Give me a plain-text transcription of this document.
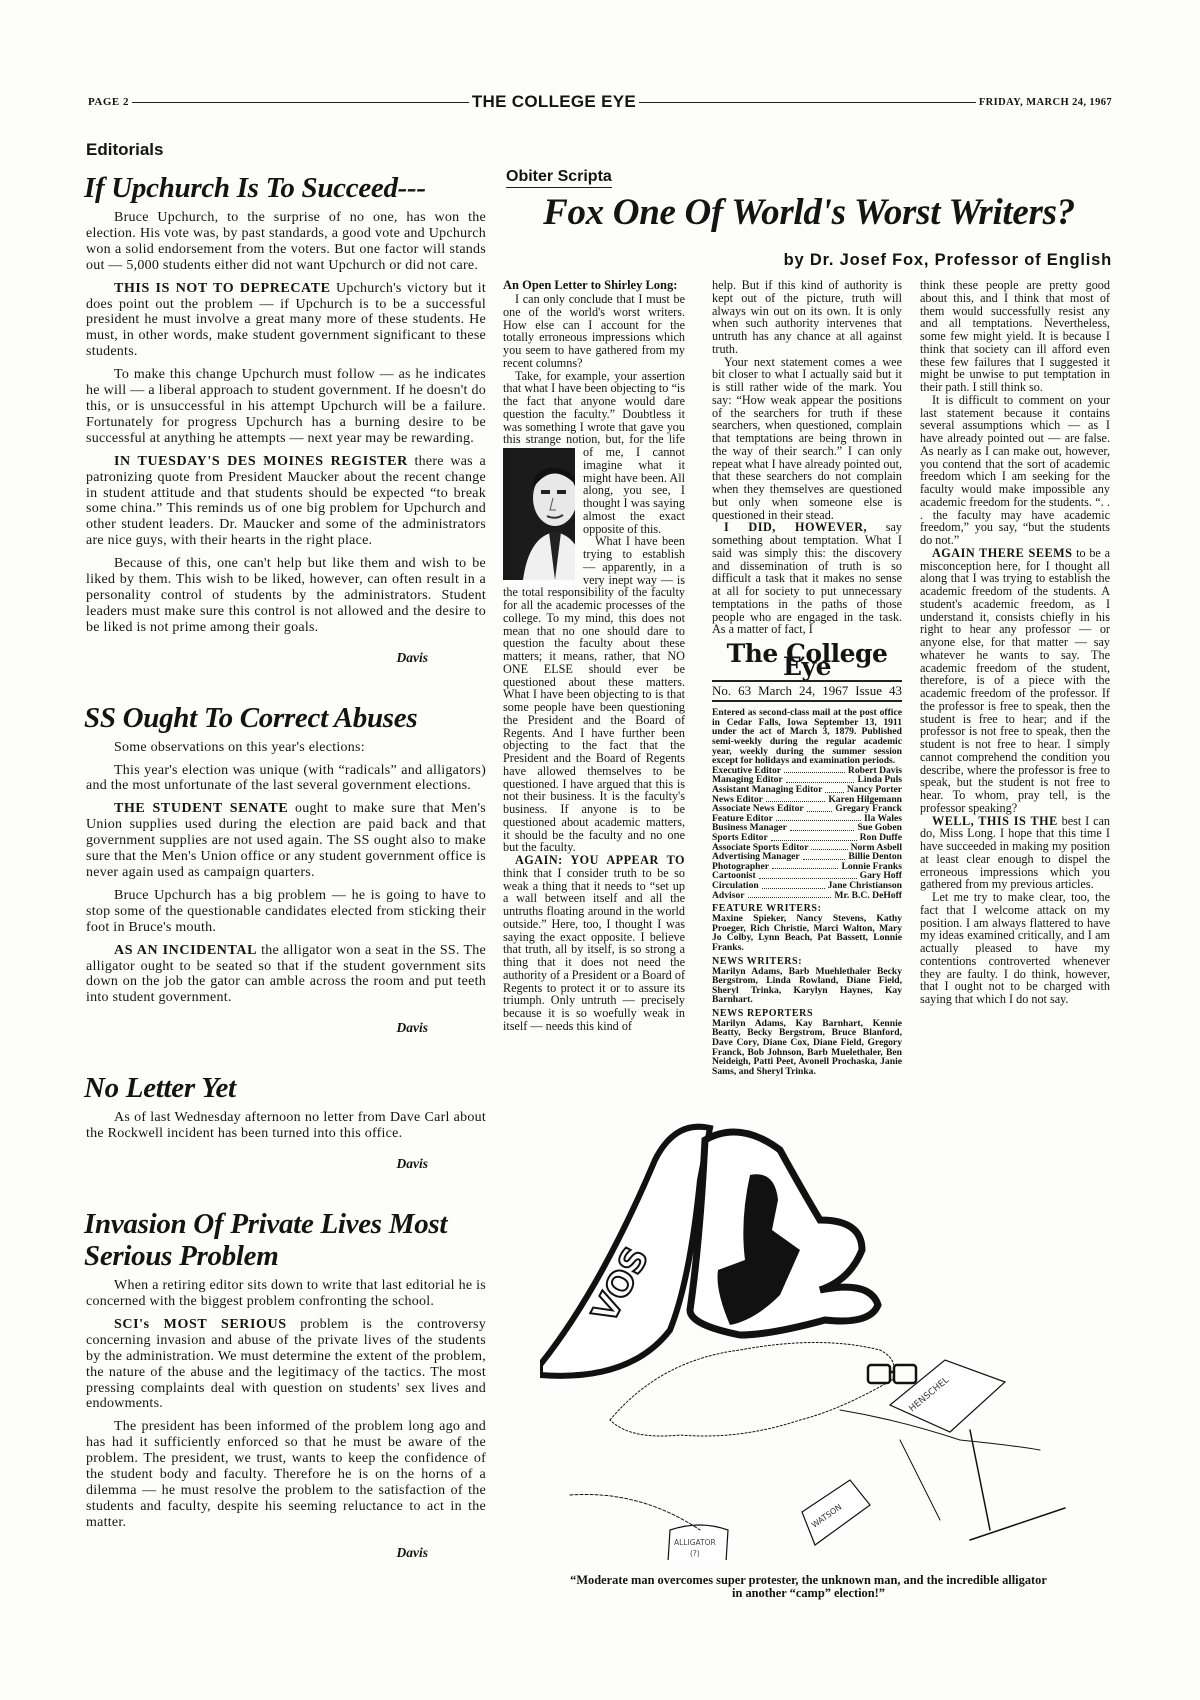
PAGE 2	THE COLLEGE EYE	FRIDAY, MARCH 24, 1967
Editorials
If Upchurch Is To Succeed---

Bruce Upchurch, to the surprise of no one, has won the election. His vote was, by past standards, a good vote and Upchurch won a solid endorsement from the voters. But one factor will stands out — 5,000 students either did not want Upchurch or did not care.

THIS IS NOT TO DEPRECATE Upchurch's victory but it does point out the problem — if Upchurch is to be a successful president he must involve a great many more of these students. He must, in other words, make student government significant to these students.

To make this change Upchurch must follow — as he indicates he will — a liberal approach to student government. If he doesn't do this, or is unsuccessful in his attempt Upchurch will be a failure. Fortunately for progress Upchurch has a burning desire to be successful at anything he attempts — next year may be rewarding.

IN TUESDAY'S DES MOINES REGISTER there was a patronizing quote from President Maucker about the recent change in student attitude and that students should be expected “to break some china.” This reminds us of one big problem for Upchurch and other student leaders. Dr. Maucker and some of the administrators are nice guys, with their hearts in the right place.

Because of this, one can't help but like them and wish to be liked by them. This wish to be liked, however, can often result in a personality control of students by the administrators. Student leaders must make sure this control is not allowed and the desire to be liked is not prime among their goals.

Davis
SS Ought To Correct Abuses

Some observations on this year's elections:

This year's election was unique (with “radicals” and alligators) and the most unfortunate of the last several government elections.

THE STUDENT SENATE ought to make sure that Men's Union supplies used during the election are paid back and that government supplies are not used again. The SS ought also to make sure that the Men's Union office or any student government office is never again used as campaign quarters.

Bruce Upchurch has a big problem — he is going to have to stop some of the questionable candidates elected from sticking their foot in Bruce's mouth.

AS AN INCIDENTAL the alligator won a seat in the SS. The alligator ought to be seated so that if the student government sits down on the job the gator can amble across the room and put teeth into student government.

Davis
No Letter Yet

As of last Wednesday afternoon no letter from Dave Carl about the Rockwell incident has been turned into this office.

Davis
Invasion Of Private Lives Most Serious Problem

When a retiring editor sits down to write that last editorial he is concerned with the biggest problem confronting the school.

SCI's MOST SERIOUS problem is the controversy concerning invasion and abuse of the private lives of the students by the administration. We must determine the extent of the problem, the nature of the abuse and the legitimacy of the tactics. The most pressing complaints deal with question on students' sex lives and endowments.

The president has been informed of the problem long ago and has had it sufficiently enforced so that he must be aware of the problem. The president, we trust, wants to keep the confidence of the student body and faculty. Therefore he is on the horns of a dilemma — he must resolve the problem to the satisfaction of the students and faculty, despite his seeming reluctance to act in the matter.

Davis
Obiter Scripta
Fox One Of World's Worst Writers?
by Dr. Josef Fox, Professor of English
An Open Letter to Shirley Long:

I can only conclude that I must be one of the world's worst writers. How else can I account for the totally erroneous impressions which you seem to have gathered from my recent columns?

Take, for example, your assertion that what I have been objecting to “is the fact that anyone would dare question the faculty.” Doubtless it was something I wrote that gave you this strange notion, but, for the
life of me, I cannot imagine what it might have been. All along, you see, I thought I was saying almost the exact opposite of this.

What I have been trying to establish — apparently, in a very inept way — is the total responsibility of the faculty for all the academic processes of the college. To my mind, this does not mean that no one should dare to question the faculty about these matters; it means, rather, that NO ONE ELSE should ever be questioned about these matters. What I have been objecting to is that some people have been questioning the President and the Board of Regents. And I have further been objecting to the fact that the President and the Board of Regents have allowed themselves to be questioned. I have argued that this is not their business. It is the faculty's business. If anyone is to be questioned about academic matters, it should be the faculty and no one but the faculty.

AGAIN: YOU APPEAR TO think that I consider truth to be so weak a thing that it needs to “set up a wall between itself and all the untruths floating around in the world outside.” Here, too, I thought I was saying the exact opposite. I believe that truth, all by itself, is so strong a thing that it does not need the authority of a President or a Board of Regents to protect it or to assure its triumph. Only untruth — precisely because it is so woefully weak in itself — needs this kind of

help. But if this kind of authority is kept out of the picture, truth will always win out on its own. It is only when such authority intervenes that untruth has any chance at all against truth.

Your next statement comes a wee bit closer to what I actually said but it is still rather wide of the mark. You say: “How weak appear the positions of the searchers for truth if these searchers, when questioned, complain that temptations are being thrown in the way of their search.” I can only repeat what I have already pointed out, that these searchers do not complain when they themselves are questioned but only when someone else is questioned in their stead.

I DID, HOWEVER, say something about temptation. What I said was simply this: the discovery and dissemination of truth is so difficult a task that it makes no sense at all for society to put unnecessary temptations in the paths of those people who are engaged in the task. As a matter of fact, I

The College Eye
No. 63 March 24, 1967 Issue 43
Entered as second-class mail at the post office in Cedar Falls, Iowa September 13, 1911 under the act of March 3, 1879. Published semi-weekly during the regular academic year, weekly during the summer session except for holidays and examination periods.
Executive Editor	Robert Davis
Managing Editor	Linda Puls
Assistant Managing Editor	Nancy Porter
News Editor	Karen Hilgemann
Associate News Editor	Gregary Franck
Feature Editor	Ila Wales
Business Manager	Sue Goben
Sports Editor	Ron Duffe
Associate Sports Editor	Norm Asbell
Advertising Manager	Billie Denton
Photographer	Lonnie Franks
Cartoonist	Gary Hoff
Circulation	Jane Christianson
Advisor	Mr. B.C. DeHoff
FEATURE WRITERS:
Maxine Spieker, Nancy Stevens, Kathy Proeger, Rich Christie, Marci Walton, Mary Jo Colby, Lynn Beach, Pat Bassett, Lonnie Franks.
NEWS WRITERS:
Marilyn Adams, Barb Muehlethaler Becky Bergstrom, Linda Rowland, Diane Field, Sheryl Trinka, Karylyn Haynes, Kay Barnhart.
NEWS REPORTERS
Marilyn Adams, Kay Barnhart, Kennie Beatty, Becky Bergstrom, Bruce Blanford, Dave Cory, Diane Cox, Diane Field, Gregory Franck, Bob Johnson, Barb Muelethaler, Ben Neideigh, Patti Peet, Avonell Prochaska, Janie Sams, and Sheryl Trinka.

think these people are pretty good about this, and I think that most of them would successfully resist any and all temptations. Nevertheless, some few might yield. It is because I think that society can ill afford even these few failures that I suggested it might be unwise to put temptation in their path. I still think so.

It is difficult to comment on your last statement because it contains several assumptions which — as I have already pointed out — are false. As nearly as I can make out, however, you contend that the sort of academic freedom which I am seeking for the faculty would make impossible any academic freedom for the students. “. . . the faculty may have academic freedom,” you say, “but the students do not.”

AGAIN THERE SEEMS to be a misconception here, for I thought all along that I was trying to establish the academic freedom of the students. A student's academic freedom, as I understand it, consists chiefly in his right to hear any professor — or anyone else, for that matter — say whatever he wants to say. The academic freedom of the student, therefore, is of a piece with the academic freedom of the professor. If the professor is free to speak, then the student is free to hear; and if the professor is not free to speak, then the student is not free to hear. I simply cannot comprehend the condition you describe, where the professor is free to speak, but the student is not free to hear. To whom, pray tell, is the professor speaking?

WELL, THIS IS THE best I can do, Miss Long. I hope that this time I have succeeded in making my position at least clear enough to dispel the erroneous impressions which you gathered from my previous articles.

Let me try to make clear, too, the fact that I welcome attack on my position. I am always flattered to have my ideas examined critically, and I am actually pleased to have my contentions controverted whenever they are faulty. I do think, however, that I ought not to be charged with saying that which I do not say.

VOS
HENSCHEL
WATSON
ALLIGATOR
(?)
“Moderate man overcomes super protester, the unknown man, and the incredible alligator
in another “camp” election!”
